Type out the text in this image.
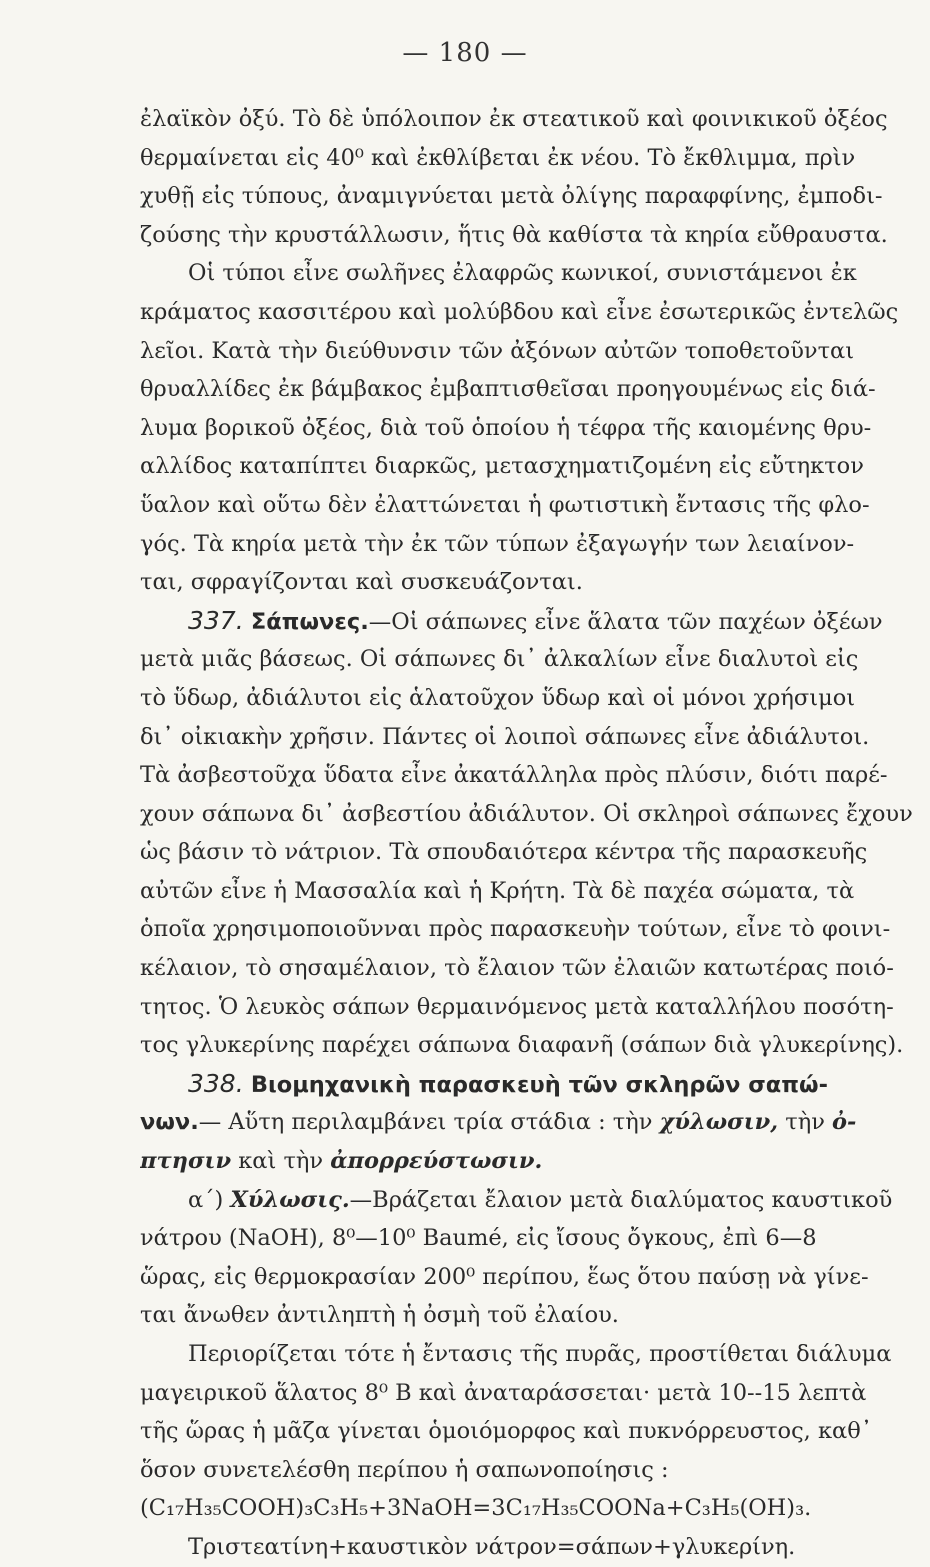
— 180 —
ἐλαϊκὸν ὀξύ. Τὸ δὲ ὑπόλοιπον ἐκ στεατικοῦ καὶ φοινικικοῦ ὀξέος
θερμαίνεται εἰς 40⁰ καὶ ἐκθλίβεται ἐκ νέου. Τὸ ἔκθλιμμα, πρὶν
χυθῇ εἰς τύπους, ἀναμιγνύεται μετὰ ὀλίγης παραφφίνης, ἐμποδι-
ζούσης τὴν κρυστάλλωσιν, ἥτις θὰ καθίστα τὰ κηρία εὔθραυστα.
Οἱ τύποι εἶνε σωλῆνες ἐλαφρῶς κωνικοί, συνιστάμενοι ἐκ
κράματος κασσιτέρου καὶ μολύβδου καὶ εἶνε ἐσωτερικῶς ἐντελῶς
λεῖοι. Κατὰ τὴν διεύθυνσιν τῶν ἀξόνων αὐτῶν τοποθετοῦνται
θρυαλλίδες ἐκ βάμβακος ἐμβαπτισθεῖσαι προηγουμένως εἰς διά-
λυμα βορικοῦ ὀξέος, διὰ τοῦ ὁποίου ἡ τέφρα τῆς καιομένης θρυ-
αλλίδος καταπίπτει διαρκῶς, μετασχηματιζομένη εἰς εὔτηκτον
ὕαλον καὶ οὕτω δὲν ἐλαττώνεται ἡ φωτιστικὴ ἔντασις τῆς φλο-
γός. Τὰ κηρία μετὰ τὴν ἐκ τῶν τύπων ἐξαγωγήν των λειαίνον-
ται, σφραγίζονται καὶ συσκευάζονται.
337. Σάπωνες.—Οἱ σάπωνες εἶνε ἅλατα τῶν παχέων ὀξέων
μετὰ μιᾶς βάσεως. Οἱ σάπωνες δι᾽ ἀλκαλίων εἶνε διαλυτοὶ εἰς
τὸ ὕδωρ, ἀδιάλυτοι εἰς ἁλατοῦχον ὕδωρ καὶ οἱ μόνοι χρήσιμοι
δι᾽ οἰκιακὴν χρῆσιν. Πάντες οἱ λοιποὶ σάπωνες εἶνε ἀδιάλυτοι.
Τὰ ἀσβεστοῦχα ὕδατα εἶνε ἀκατάλληλα πρὸς πλύσιν, διότι παρέ-
χουν σάπωνα δι᾽ ἀσβεστίου ἀδιάλυτον. Οἱ σκληροὶ σάπωνες ἔχουν
ὡς βάσιν τὸ νάτριον. Τὰ σπουδαιότερα κέντρα τῆς παρασκευῆς
αὐτῶν εἶνε ἡ Μασσαλία καὶ ἡ Κρήτη. Τὰ δὲ παχέα σώματα, τὰ
ὁποῖα χρησιμοποιοῦνναι πρὸς παρασκευὴν τούτων, εἶνε τὸ φοινι-
κέλαιον, τὸ σησαμέλαιον, τὸ ἔλαιον τῶν ἐλαιῶν κατωτέρας ποιό-
τητος. Ὁ λευκὸς σάπων θερμαινόμενος μετὰ καταλλήλου ποσότη-
τος γλυκερίνης παρέχει σάπωνα διαφανῆ (σάπων διὰ γλυκερίνης).
338. Βιομηχανικὴ παρασκευὴ τῶν σκληρῶν σαπώ-
νων.— Αὕτη περιλαμβάνει τρία στάδια : τὴν χύλωσιν, τὴν ὀ-
πτησιν καὶ τὴν ἀπορρεύστωσιν.
α΄) Χύλωσις.—Βράζεται ἔλαιον μετὰ διαλύματος καυστικοῦ
νάτρου (NaOH), 8⁰—10⁰ Baumé, εἰς ἴσους ὄγκους, ἐπὶ 6—8
ὥρας, εἰς θερμοκρασίαν 200⁰ περίπου, ἕως ὅτου παύσῃ νὰ γίνε-
ται ἄνωθεν ἀντιληπτὴ ἡ ὀσμὴ τοῦ ἐλαίου.
Περιορίζεται τότε ἡ ἔντασις τῆς πυρᾶς, προστίθεται διάλυμα
μαγειρικοῦ ἅλατος 8⁰ Β καὶ ἀναταράσσεται· μετὰ 10--15 λεπτὰ
τῆς ὥρας ἡ μᾶζα γίνεται ὁμοιόμορφος καὶ πυκνόρρευστος, καθ᾽
ὅσον συνετελέσθη περίπου ἡ σαπωνοποίησις :
(C₁₇H₃₅COOH)₃C₃H₅+3NaOH=3C₁₇H₃₅COONa+C₃H₅(OH)₃.
Τριστεατίνη+καυστικὸν νάτρον=σάπων+γλυκερίνη.
